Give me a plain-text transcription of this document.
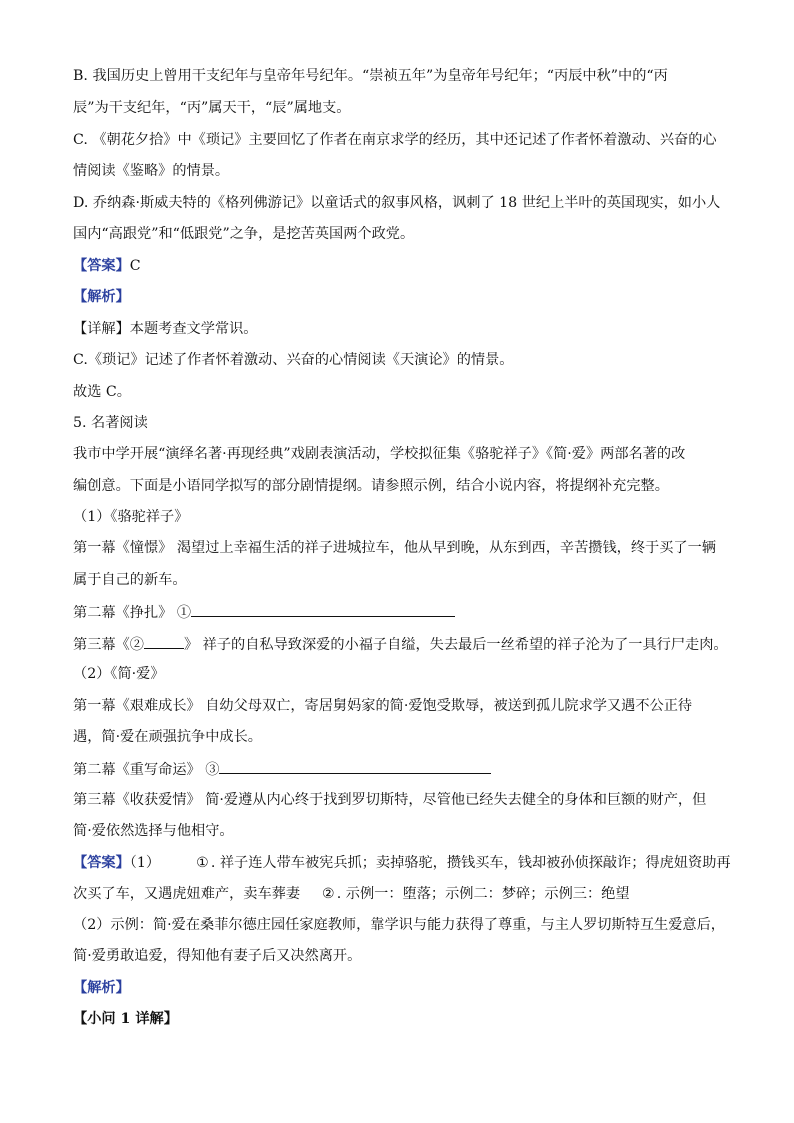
B. 我国历史上曾用干支纪年与皇帝年号纪年。“崇祯五年”为皇帝年号纪年；“丙辰中秋”中的“丙
辰”为干支纪年，“丙”属天干，“辰”属地支。
C. 《朝花夕拾》中《琐记》主要回忆了作者在南京求学的经历，其中还记述了作者怀着激动、兴奋的心
情阅读《鉴略》的情景。
D. 乔纳森·斯威夫特的《格列佛游记》以童话式的叙事风格，讽刺了 18 世纪上半叶的英国现实，如小人
国内“高跟党”和“低跟党”之争，是挖苦英国两个政党。
【答案】C
【解析】
【详解】本题考查文学常识。
C.《琐记》记述了作者怀着激动、兴奋的心情阅读《天演论》的情景。
故选 C。
5. 名著阅读
我市中学开展“演绎名著·再现经典”戏剧表演活动，学校拟征集《骆驼祥子》《简·爱》两部名著的改
编创意。下面是小语同学拟写的部分剧情提纲。请参照示例，结合小说内容，将提纲补充完整。
（1）《骆驼祥子》
第一幕《憧憬》 渴望过上幸福生活的祥子进城拉车，他从早到晚，从东到西，辛苦攒钱，终于买了一辆
属于自己的新车。
第二幕《挣扎》 ①
第三幕《②	》 祥子的自私导致深爱的小福子自缢，失去最后一丝希望的祥子沦为了一具行尸走肉。
（2）《简·爱》
第一幕《艰难成长》 自幼父母双亡，寄居舅妈家的简·爱饱受欺辱，被送到孤儿院求学又遇不公正待
遇，简·爱在顽强抗争中成长。
第二幕《重写命运》 ③
第三幕《收获爱情》 简·爱遵从内心终于找到罗切斯特，尽管他已经失去健全的身体和巨额的财产，但
简·爱依然选择与他相守。
【答案】（1）	① . 祥子连人带车被宪兵抓；卖掉骆驼，攒钱买车，钱却被孙侦探敲诈；得虎妞资助再
次买了车，又遇虎妞难产，卖车葬妻 ② . 示例一：堕落；示例二：梦碎；示例三：绝望
（2）示例：简·爱在桑菲尔德庄园任家庭教师，靠学识与能力获得了尊重，与主人罗切斯特互生爱意后，
简·爱勇敢追爱，得知他有妻子后又决然离开。
【解析】
【小问 1 详解】
